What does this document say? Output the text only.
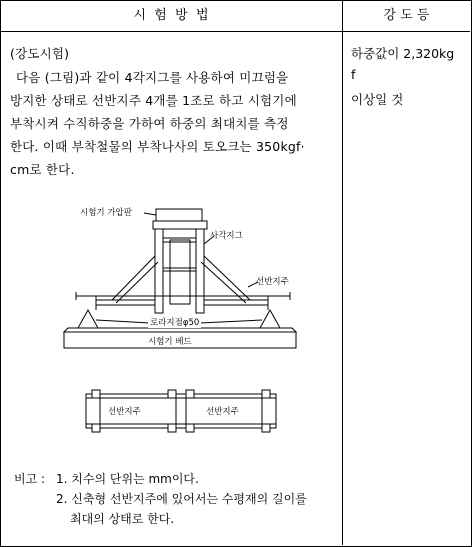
시  험  방  법	강 도 등
(강도시험)
다음 (그림)과 같이 4각지그를 사용하여 미끄럼을
방지한 상태로 선반지주 4개를 1조로 하고 시험기에
부착시켜 수직하중을 가하여 하중의 최대치를 측정
한다. 이때 부착철물의 부착나사의 토오크는 350kgf·
cm로 한다.
하중값이 2,320kg
f
이상일 것
시험기 가압판
사각지그
선반지주
로라지점φ50
시험기 베드
선반지주	선반지주
비고 : 1. 치수의 단위는 mm이다.
2. 신축형 선반지주에 있어서는 수평재의 길이를
최대의 상태로 한다.
